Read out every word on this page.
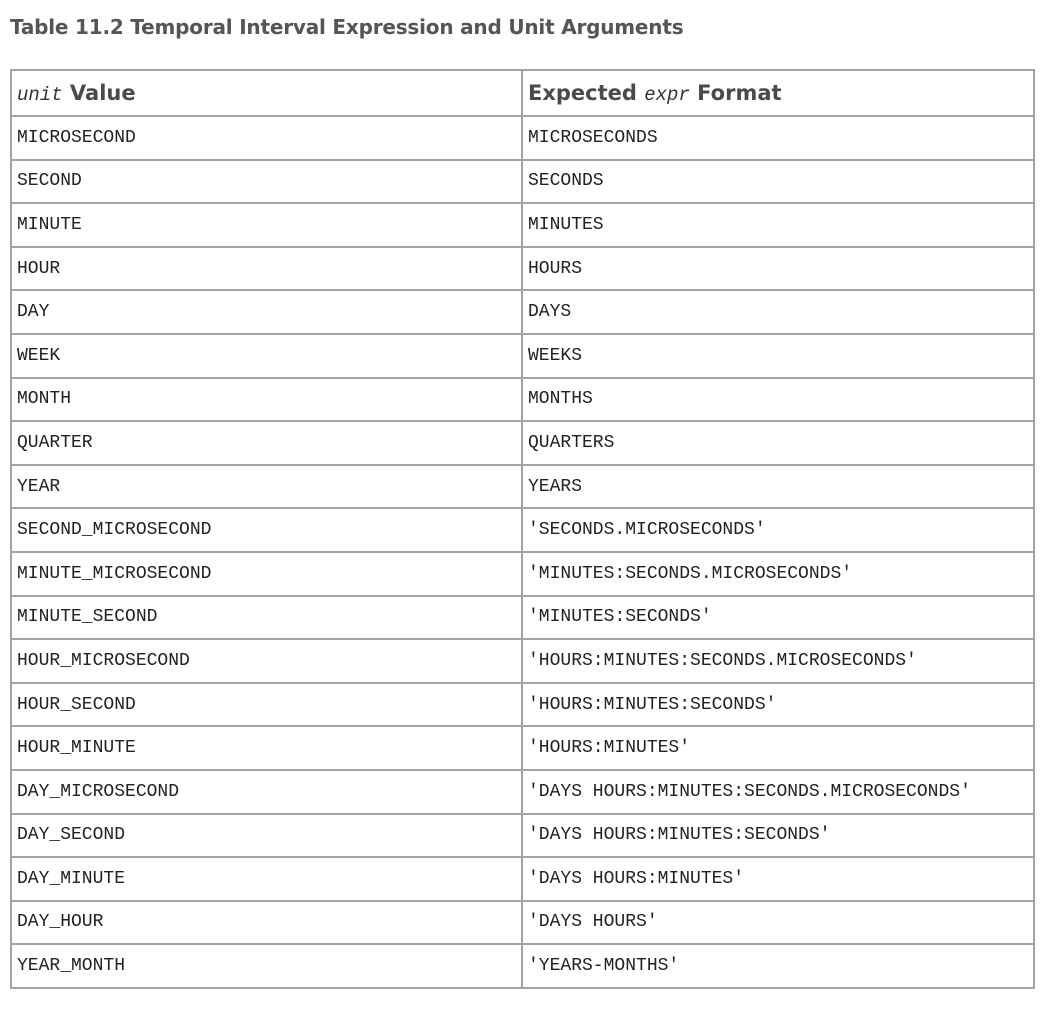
Table 11.2 Temporal Interval Expression and Unit Arguments
unit Value	Expected expr Format
MICROSECOND	MICROSECONDS
SECOND	SECONDS
MINUTE	MINUTES
HOUR	HOURS
DAY	DAYS
WEEK	WEEKS
MONTH	MONTHS
QUARTER	QUARTERS
YEAR	YEARS
SECOND_MICROSECOND	'SECONDS.MICROSECONDS'
MINUTE_MICROSECOND	'MINUTES:SECONDS.MICROSECONDS'
MINUTE_SECOND	'MINUTES:SECONDS'
HOUR_MICROSECOND	'HOURS:MINUTES:SECONDS.MICROSECONDS'
HOUR_SECOND	'HOURS:MINUTES:SECONDS'
HOUR_MINUTE	'HOURS:MINUTES'
DAY_MICROSECOND	'DAYS HOURS:MINUTES:SECONDS.MICROSECONDS'
DAY_SECOND	'DAYS HOURS:MINUTES:SECONDS'
DAY_MINUTE	'DAYS HOURS:MINUTES'
DAY_HOUR	'DAYS HOURS'
YEAR_MONTH	'YEARS-MONTHS'
